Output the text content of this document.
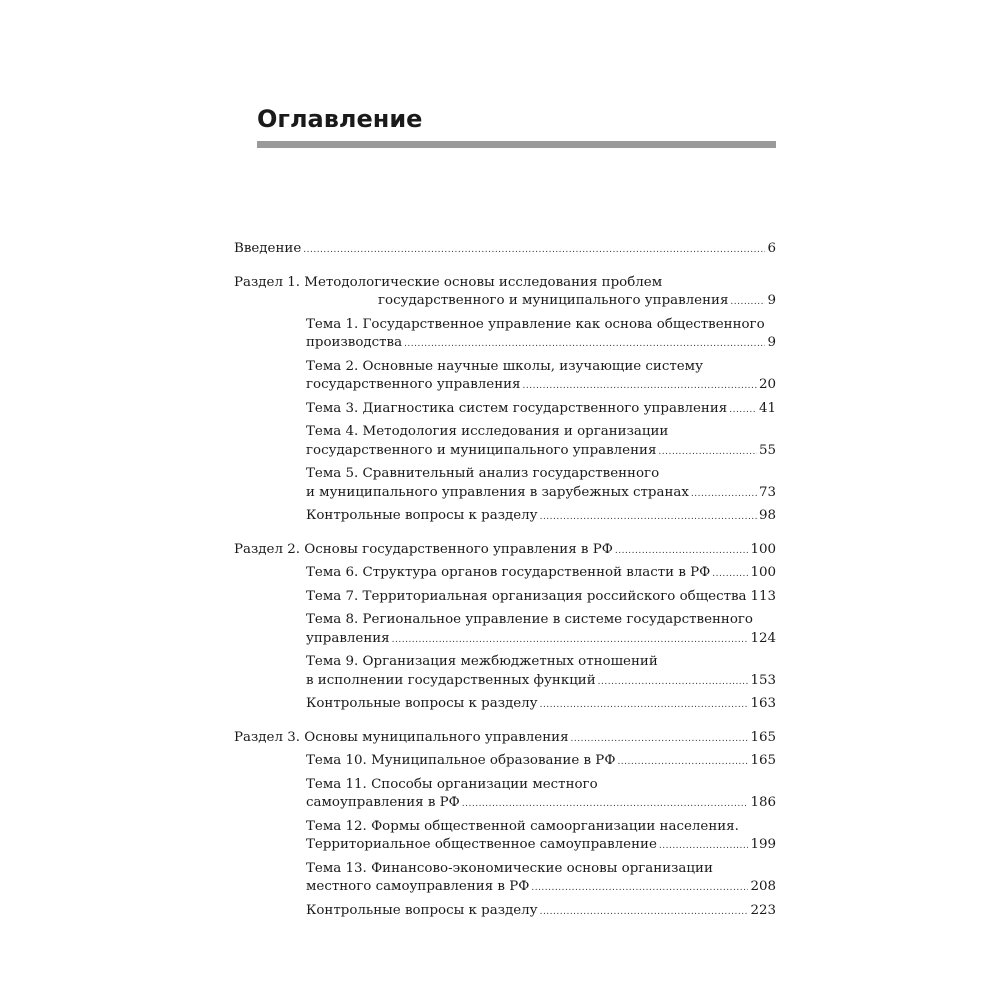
Оглавление
Введение .....	6
Раздел 1. Методологические основы исследования проблем
государственного и муниципального управления .....	9
Тема 1. Государственное управление как основа общественного
производства .....	9
Тема 2. Основные научные школы, изучающие систему
государственного управления .....	20
Тема 3. Диагностика систем государственного управления ..... 41
Тема 4. Методология исследования и организации
государственного и муниципального управления .....	55
Тема 5. Сравнительный анализ государственного
и муниципального управления в зарубежных странах .....	73
Контрольные вопросы к разделу .....	98
Раздел 2. Основы государственного управления в РФ .....	100
Тема 6. Структура органов государственной власти в РФ .....	100
Тема 7. Территориальная организация российского общества 113
Тема 8. Региональное управление в системе государственного
управления .....	124
Тема 9. Организация межбюджетных отношений
в исполнении государственных функций .....	153
Контрольные вопросы к разделу .....	163
Раздел 3. Основы муниципального управления .....	165
Тема 10. Муниципальное образование в РФ .....	165
Тема 11. Способы организации местного
самоуправления в РФ .....	186
Тема 12. Формы общественной самоорганизации населения.
Территориальное общественное самоуправление .....	199
Тема 13. Финансово-экономические основы организации
местного самоуправления в РФ .....	208
Контрольные вопросы к разделу .....	223
